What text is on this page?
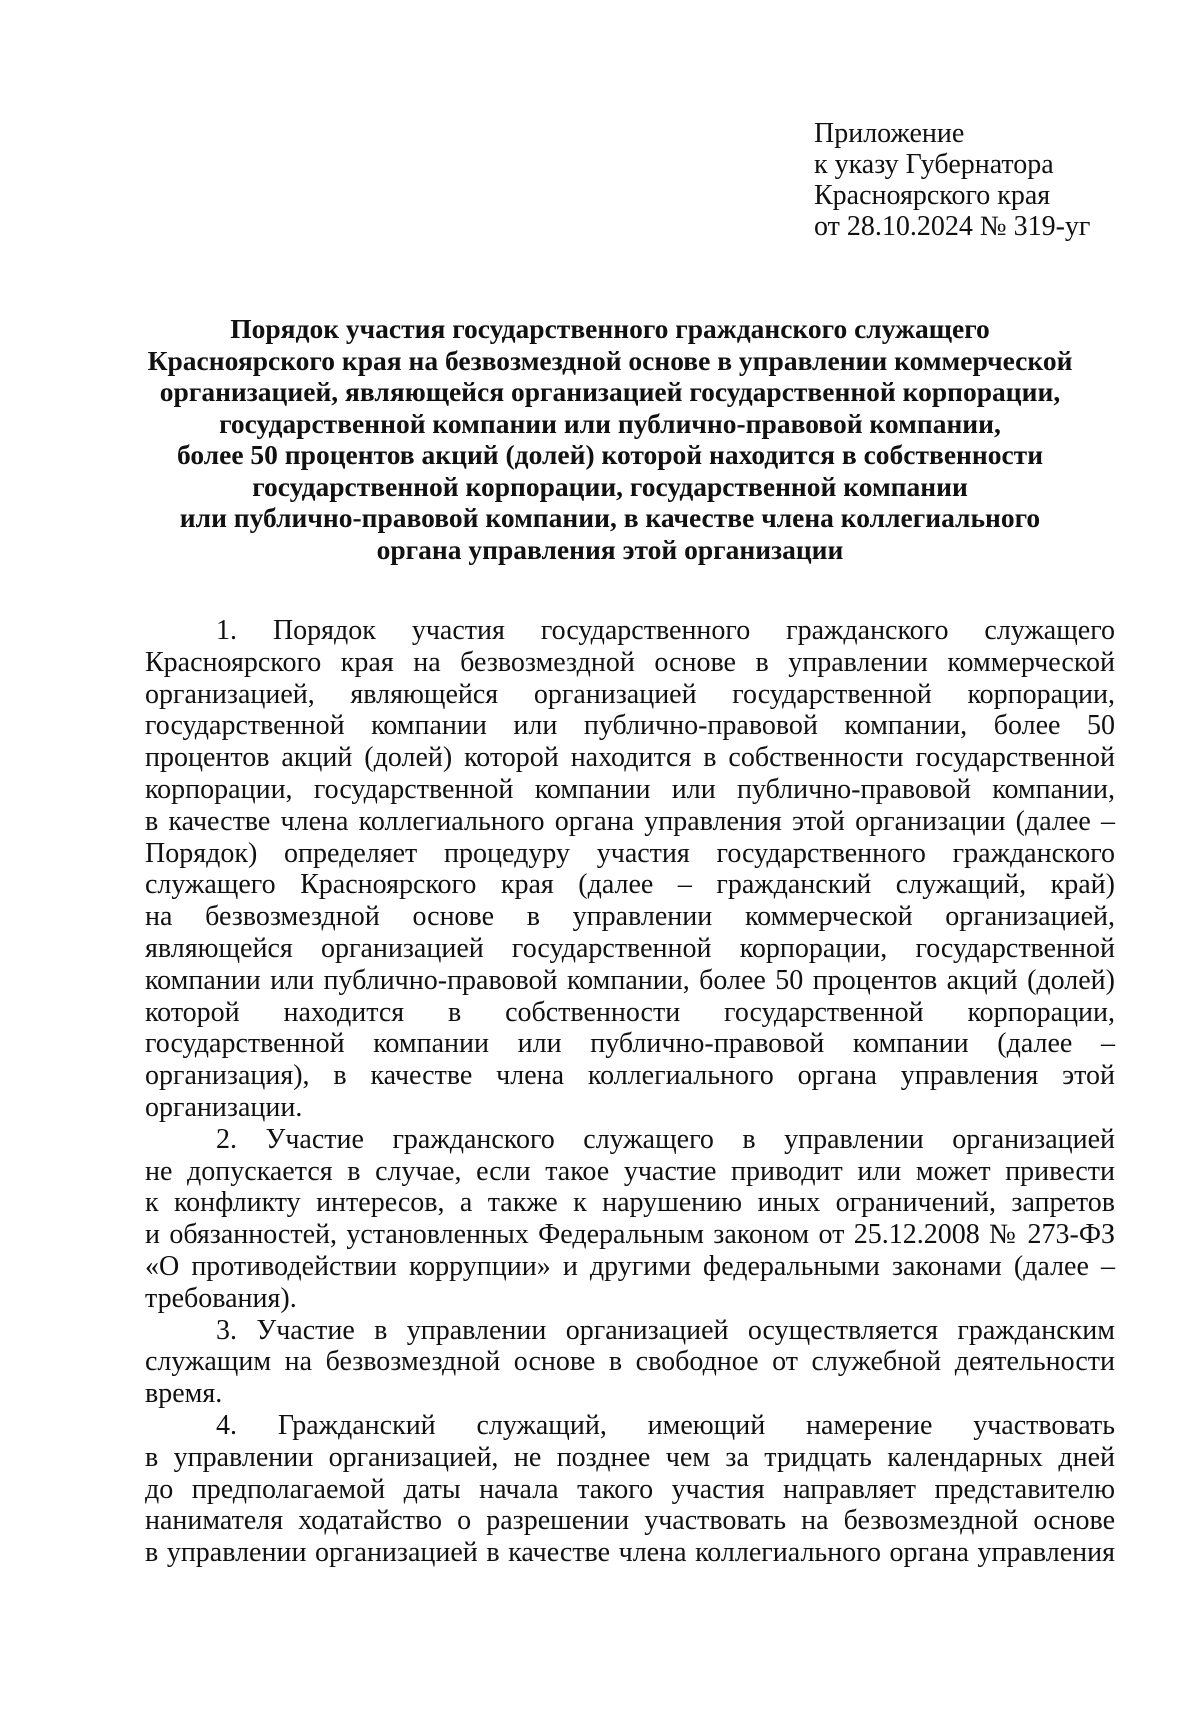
Приложение
к указу Губернатора
Красноярского края
от 28.10.2024 № 319-уг
Порядок участия государственного гражданского служащего
Красноярского края на безвозмездной основе в управлении коммерческой
организацией, являющейся организацией государственной корпорации,
государственной компании или публично-правовой компании,
более 50 процентов акций (долей) которой находится в собственности
государственной корпорации, государственной компании
или публично-правовой компании, в качестве члена коллегиального
органа управления этой организации
1. Порядок участия государственного гражданского служащего
Красноярского края на безвозмездной основе в управлении коммерческой
организацией, являющейся организацией государственной корпорации,
государственной компании или публично-правовой компании, более 50
процентов акций (долей) которой находится в собственности государственной
корпорации, государственной компании или публично-правовой компании,
в качестве члена коллегиального органа управления этой организации (далее –
Порядок) определяет процедуру участия государственного гражданского
служащего Красноярского края (далее – гражданский служащий, край)
на безвозмездной основе в управлении коммерческой организацией,
являющейся организацией государственной корпорации, государственной
компании или публично-правовой компании, более 50 процентов акций (долей)
которой находится в собственности государственной корпорации,
государственной компании или публично-правовой компании (далее –
организация), в качестве члена коллегиального органа управления этой
организации.
2. Участие гражданского служащего в управлении организацией
не допускается в случае, если такое участие приводит или может привести
к конфликту интересов, а также к нарушению иных ограничений, запретов
и обязанностей, установленных Федеральным законом от 25.12.2008 № 273-ФЗ
«О противодействии коррупции» и другими федеральными законами (далее –
требования).
3. Участие в управлении организацией осуществляется гражданским
служащим на безвозмездной основе в свободное от служебной деятельности
время.
4. Гражданский служащий, имеющий намерение участвовать
в управлении организацией, не позднее чем за тридцать календарных дней
до предполагаемой даты начала такого участия направляет представителю
нанимателя ходатайство о разрешении участвовать на безвозмездной основе
в управлении организацией в качестве члена коллегиального органа управления
